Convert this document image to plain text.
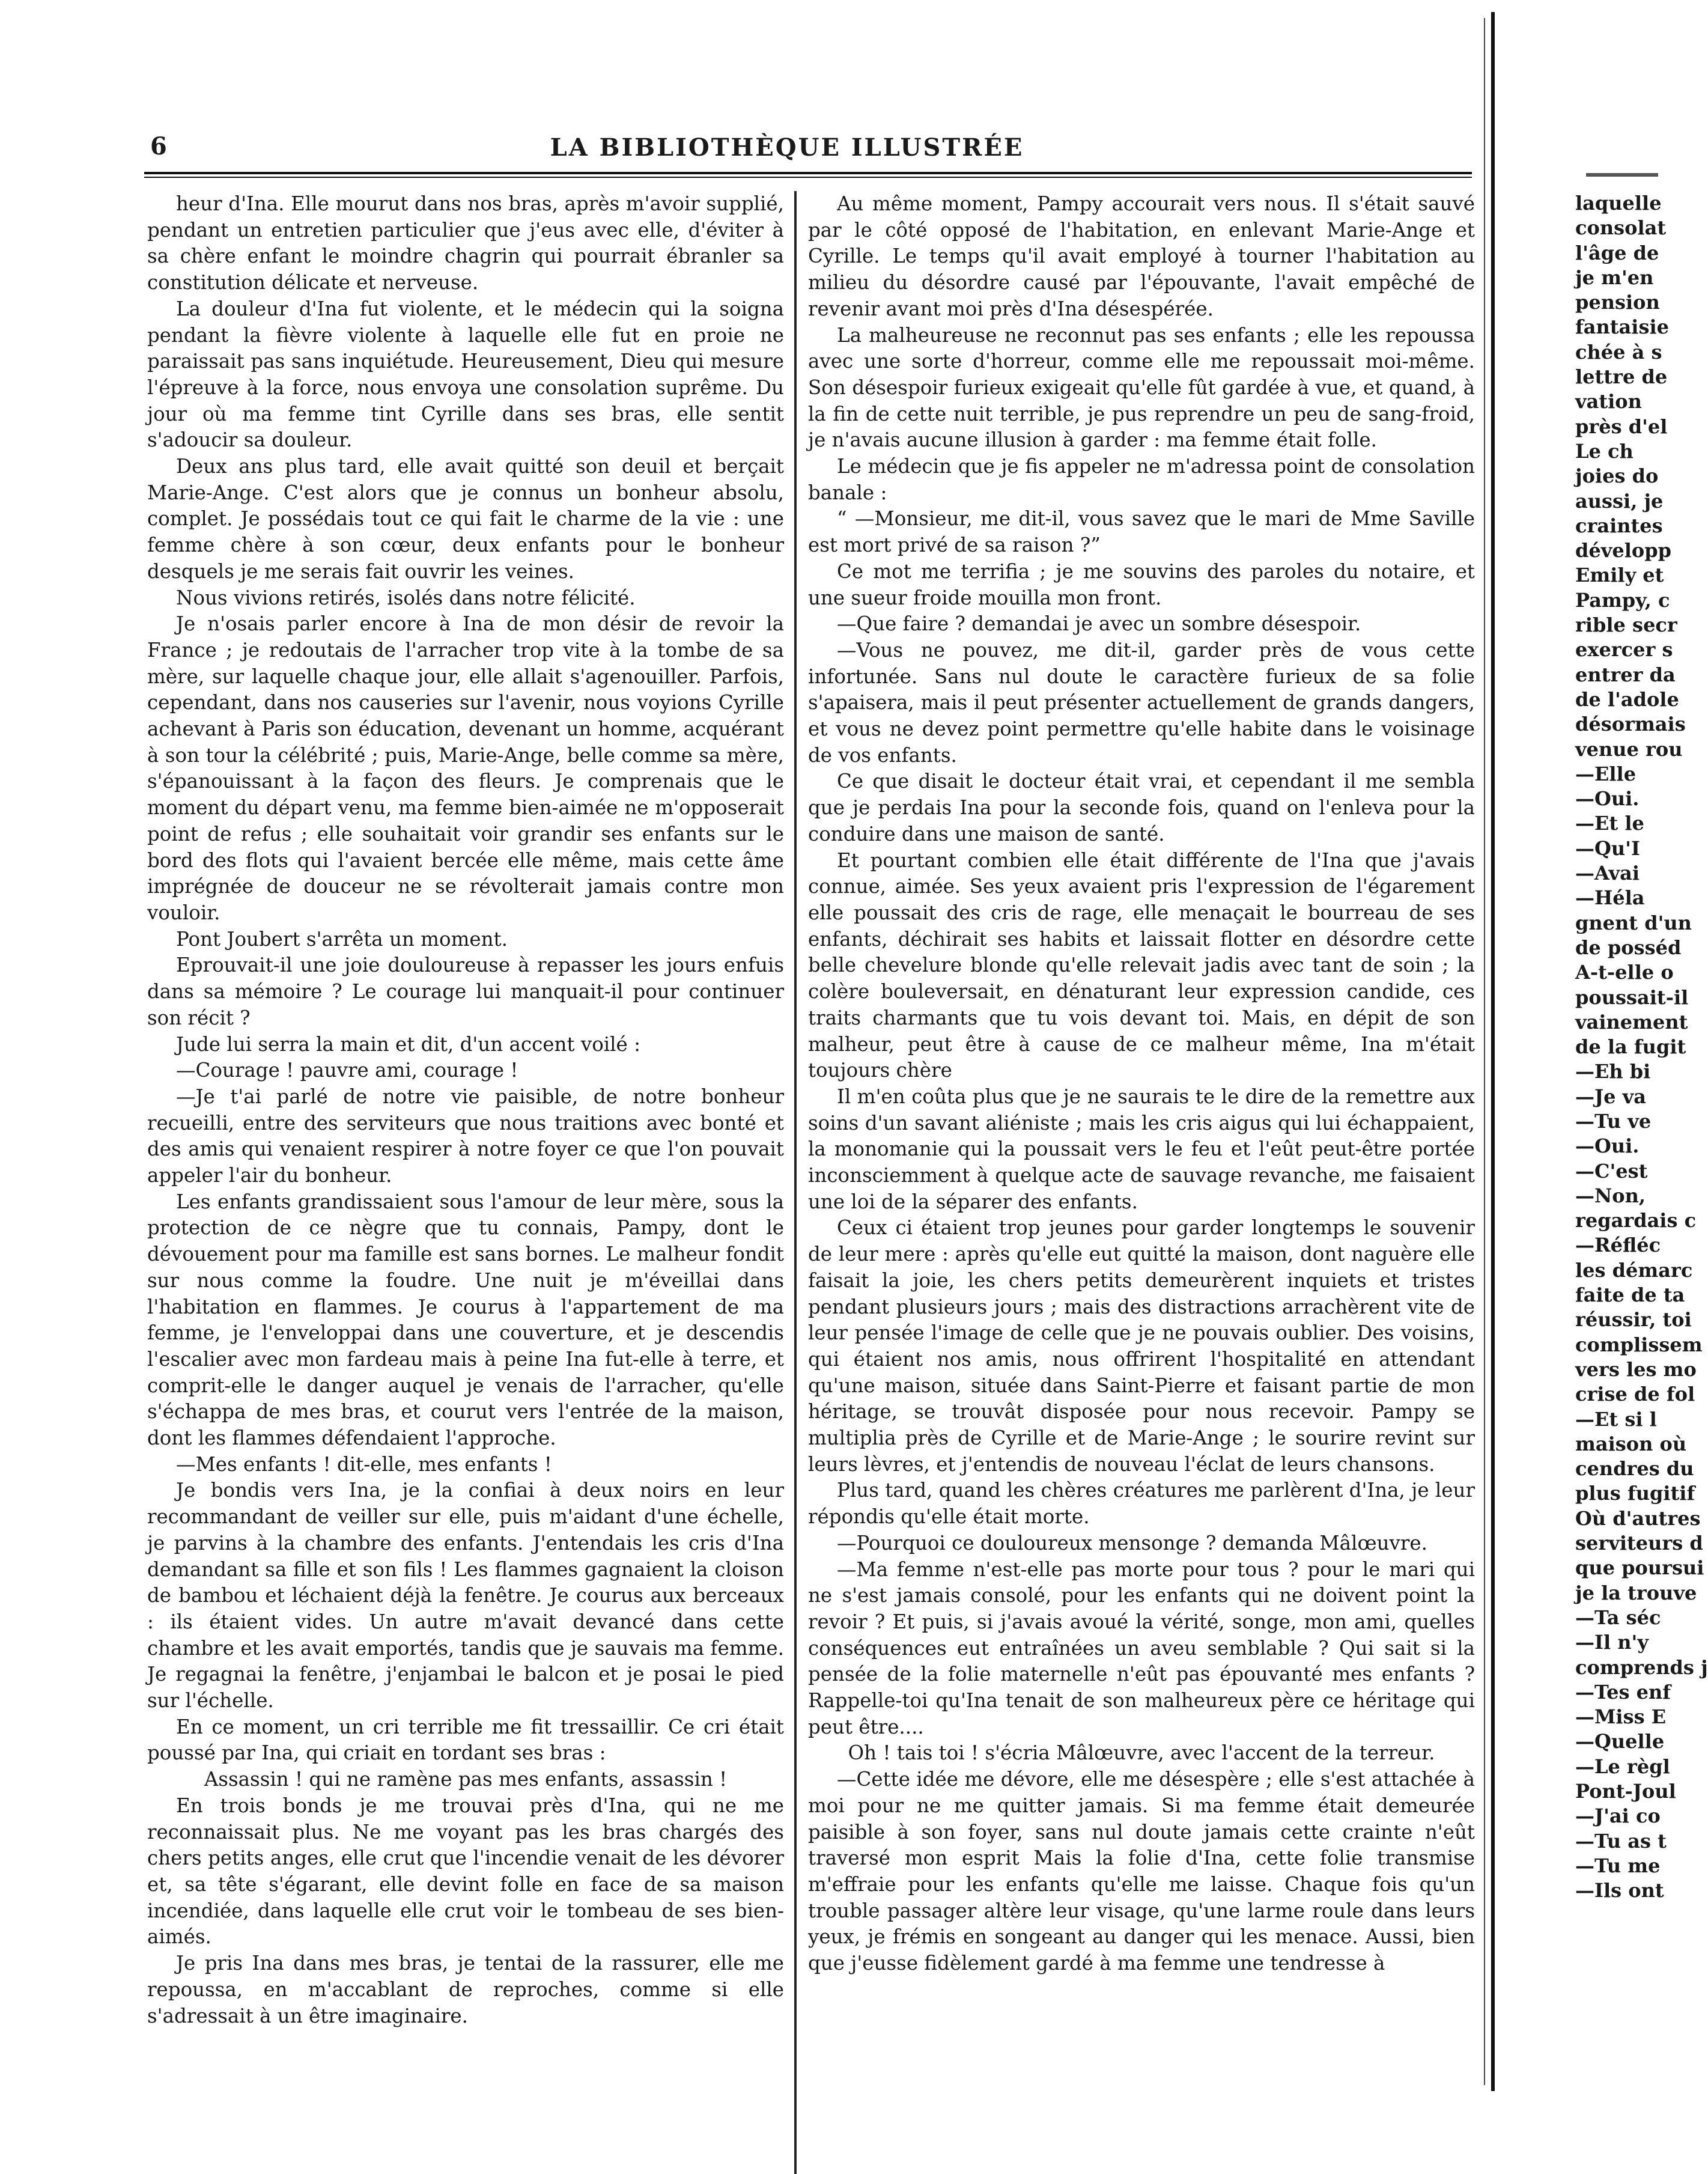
6	LA BIBLIOTHÈQUE ILLUSTRÉE

heur d'Ina. Elle mourut dans nos bras, après m'avoir supplié, pendant un entretien particulier que j'eus avec elle, d'éviter à sa chère enfant le moindre chagrin qui pourrait ébranler sa constitution délicate et nerveuse.

La douleur d'Ina fut violente, et le médecin qui la soigna pendant la fièvre violente à laquelle elle fut en proie ne paraissait pas sans inquiétude. Heureusement, Dieu qui mesure l'épreuve à la force, nous envoya une consolation suprême. Du jour où ma femme tint Cyrille dans ses bras, elle sentit s'adoucir sa douleur.

Deux ans plus tard, elle avait quitté son deuil et berçait Marie-Ange. C'est alors que je connus un bonheur absolu, complet. Je possédais tout ce qui fait le charme de la vie : une femme chère à son cœur, deux enfants pour le bonheur desquels je me serais fait ouvrir les veines.

Nous vivions retirés, isolés dans notre félicité.

Je n'osais parler encore à Ina de mon désir de revoir la France ; je redoutais de l'arracher trop vite à la tombe de sa mère, sur laquelle chaque jour, elle allait s'agenouiller. Parfois, cependant, dans nos causeries sur l'avenir, nous voyions Cyrille achevant à Paris son éducation, devenant un homme, acquérant à son tour la célébrité ; puis, Marie-Ange, belle comme sa mère, s'épanouissant à la façon des fleurs. Je comprenais que le moment du départ venu, ma femme bien-aimée ne m'opposerait point de refus ; elle souhaitait voir grandir ses enfants sur le bord des flots qui l'avaient bercée elle même, mais cette âme imprégnée de douceur ne se révolterait jamais contre mon vouloir.

Pont Joubert s'arrêta un moment.

Eprouvait-il une joie douloureuse à repasser les jours enfuis dans sa mémoire ? Le courage lui manquait-il pour continuer son récit ?

Jude lui serra la main et dit, d'un accent voilé :

—Courage ! pauvre ami, courage !

—Je t'ai parlé de notre vie paisible, de notre bonheur recueilli, entre des serviteurs que nous traitions avec bonté et des amis qui venaient respirer à notre foyer ce que l'on pouvait appeler l'air du bonheur.

Les enfants grandissaient sous l'amour de leur mère, sous la protection de ce nègre que tu connais, Pampy, dont le dévouement pour ma famille est sans bornes. Le malheur fondit sur nous comme la foudre. Une nuit je m'éveillai dans l'habitation en flammes. Je courus à l'appartement de ma femme, je l'enveloppai dans une couverture, et je descendis l'escalier avec mon fardeau mais à peine Ina fut-elle à terre, et comprit-elle le danger auquel je venais de l'arracher, qu'elle s'échappa de mes bras, et courut vers l'entrée de la maison, dont les flammes défendaient l'approche.

—Mes enfants ! dit-elle, mes enfants !

Je bondis vers Ina, je la confiai à deux noirs en leur recommandant de veiller sur elle, puis m'aidant d'une échelle, je parvins à la chambre des enfants. J'entendais les cris d'Ina demandant sa fille et son fils ! Les flammes gagnaient la cloison de bambou et léchaient déjà la fenêtre. Je courus aux berceaux : ils étaient vides. Un autre m'avait devancé dans cette chambre et les avait emportés, tandis que je sauvais ma femme. Je regagnai la fenêtre, j'enjambai le balcon et je posai le pied sur l'échelle.

En ce moment, un cri terrible me fit tressaillir. Ce cri était poussé par Ina, qui criait en tordant ses bras :

Assassin ! qui ne ramène pas mes enfants, assassin !

En trois bonds je me trouvai près d'Ina, qui ne me reconnaissait plus. Ne me voyant pas les bras chargés des chers petits anges, elle crut que l'incendie venait de les dévorer et, sa tête s'égarant, elle devint folle en face de sa maison incendiée, dans laquelle elle crut voir le tombeau de ses bien-aimés.

Je pris Ina dans mes bras, je tentai de la rassurer, elle me repoussa, en m'accablant de reproches, comme si elle s'adressait à un être imaginaire.

Au même moment, Pampy accourait vers nous. Il s'était sauvé par le côté opposé de l'habitation, en enlevant Marie-Ange et Cyrille. Le temps qu'il avait employé à tourner l'habitation au milieu du désordre causé par l'épouvante, l'avait empêché de revenir avant moi près d'Ina désespérée.

La malheureuse ne reconnut pas ses enfants ; elle les repoussa avec une sorte d'horreur, comme elle me repoussait moi-même. Son désespoir furieux exigeait qu'elle fût gardée à vue, et quand, à la fin de cette nuit terrible, je pus reprendre un peu de sang-froid, je n'avais aucune illusion à garder : ma femme était folle.

Le médecin que je fis appeler ne m'adressa point de consolation banale :

“ —Monsieur, me dit-il, vous savez que le mari de Mme Saville est mort privé de sa raison ?”

Ce mot me terrifia ; je me souvins des paroles du notaire, et une sueur froide mouilla mon front.

—Que faire ? demandai je avec un sombre désespoir.

—Vous ne pouvez, me dit-il, garder près de vous cette infortunée. Sans nul doute le caractère furieux de sa folie s'apaisera, mais il peut présenter actuellement de grands dangers, et vous ne devez point permettre qu'elle habite dans le voisinage de vos enfants.

Ce que disait le docteur était vrai, et cependant il me sembla que je perdais Ina pour la seconde fois, quand on l'enleva pour la conduire dans une maison de santé.

Et pourtant combien elle était différente de l'Ina que j'avais connue, aimée. Ses yeux avaient pris l'expression de l'égarement elle poussait des cris de rage, elle menaçait le bourreau de ses enfants, déchirait ses habits et laissait flotter en désordre cette belle chevelure blonde qu'elle relevait jadis avec tant de soin ; la colère bouleversait, en dénaturant leur expression candide, ces traits charmants que tu vois devant toi. Mais, en dépit de son malheur, peut être à cause de ce malheur même, Ina m'était toujours chère

Il m'en coûta plus que je ne saurais te le dire de la remettre aux soins d'un savant aliéniste ; mais les cris aigus qui lui échappaient, la monomanie qui la poussait vers le feu et l'eût peut-être portée inconsciemment à quelque acte de sauvage revanche, me faisaient une loi de la séparer des enfants.

Ceux ci étaient trop jeunes pour garder longtemps le souvenir de leur mere : après qu'elle eut quitté la maison, dont naguère elle faisait la joie, les chers petits demeurèrent inquiets et tristes pendant plusieurs jours ; mais des distractions arrachèrent vite de leur pensée l'image de celle que je ne pouvais oublier. Des voisins, qui étaient nos amis, nous offrirent l'hospitalité en attendant qu'une maison, située dans Saint-Pierre et faisant partie de mon héritage, se trouvât disposée pour nous recevoir. Pampy se multiplia près de Cyrille et de Marie-Ange ; le sourire revint sur leurs lèvres, et j'entendis de nouveau l'éclat de leurs chansons.

Plus tard, quand les chères créatures me parlèrent d'Ina, je leur répondis qu'elle était morte.

—Pourquoi ce douloureux mensonge ? demanda Mâlœuvre.

—Ma femme n'est-elle pas morte pour tous ? pour le mari qui ne s'est jamais consolé, pour les enfants qui ne doivent point la revoir ? Et puis, si j'avais avoué la vérité, songe, mon ami, quelles conséquences eut entraînées un aveu semblable ? Qui sait si la pensée de la folie maternelle n'eût pas épouvanté mes enfants ? Rappelle-toi qu'Ina tenait de son malheureux père ce héritage qui peut être....

Oh ! tais toi ! s'écria Mâlœuvre, avec l'accent de la terreur.

—Cette idée me dévore, elle me désespère ; elle s'est attachée à moi pour ne me quitter jamais. Si ma femme était demeurée paisible à son foyer, sans nul doute jamais cette crainte n'eût traversé mon esprit Mais la folie d'Ina, cette folie transmise m'effraie pour les enfants qu'elle me laisse. Chaque fois qu'un trouble passager altère leur visage, qu'une larme roule dans leurs yeux, je frémis en songeant au danger qui les menace. Aussi, bien que j'eusse fidèlement gardé à ma femme une tendresse à

laquelle
consolat
l'âge de
je m'en
pension
fantaisie
chée à s
lettre de
vation
près d'el
Le ch
joies do
aussi, je
craintes
développ
Emily et
Pampy, c
rible secr
exercer s
entrer da
de l'adole
désormais
venue rou
—Elle
—Oui.
—Et le
—Qu'I
—Avai
—Héla
gnent d'un
de posséd
A-t-elle o
poussait-il
vainement
de la fugit
—Eh bi
—Je va
—Tu ve
—Oui.
—C'est
—Non,
regardais c
—Réfléc
les démarc
faite de ta
réussir, toi
complissem
vers les mo
crise de fol
—Et si l
maison où
cendres du
plus fugitif
Où d'autres
serviteurs d
que poursui
je la trouve
—Ta séc
—Il n'y
comprends j
—Tes enf
—Miss E
—Quelle
—Le règl
Pont-Joul
—J'ai co
—Tu as t
—Tu me
—Ils ont
